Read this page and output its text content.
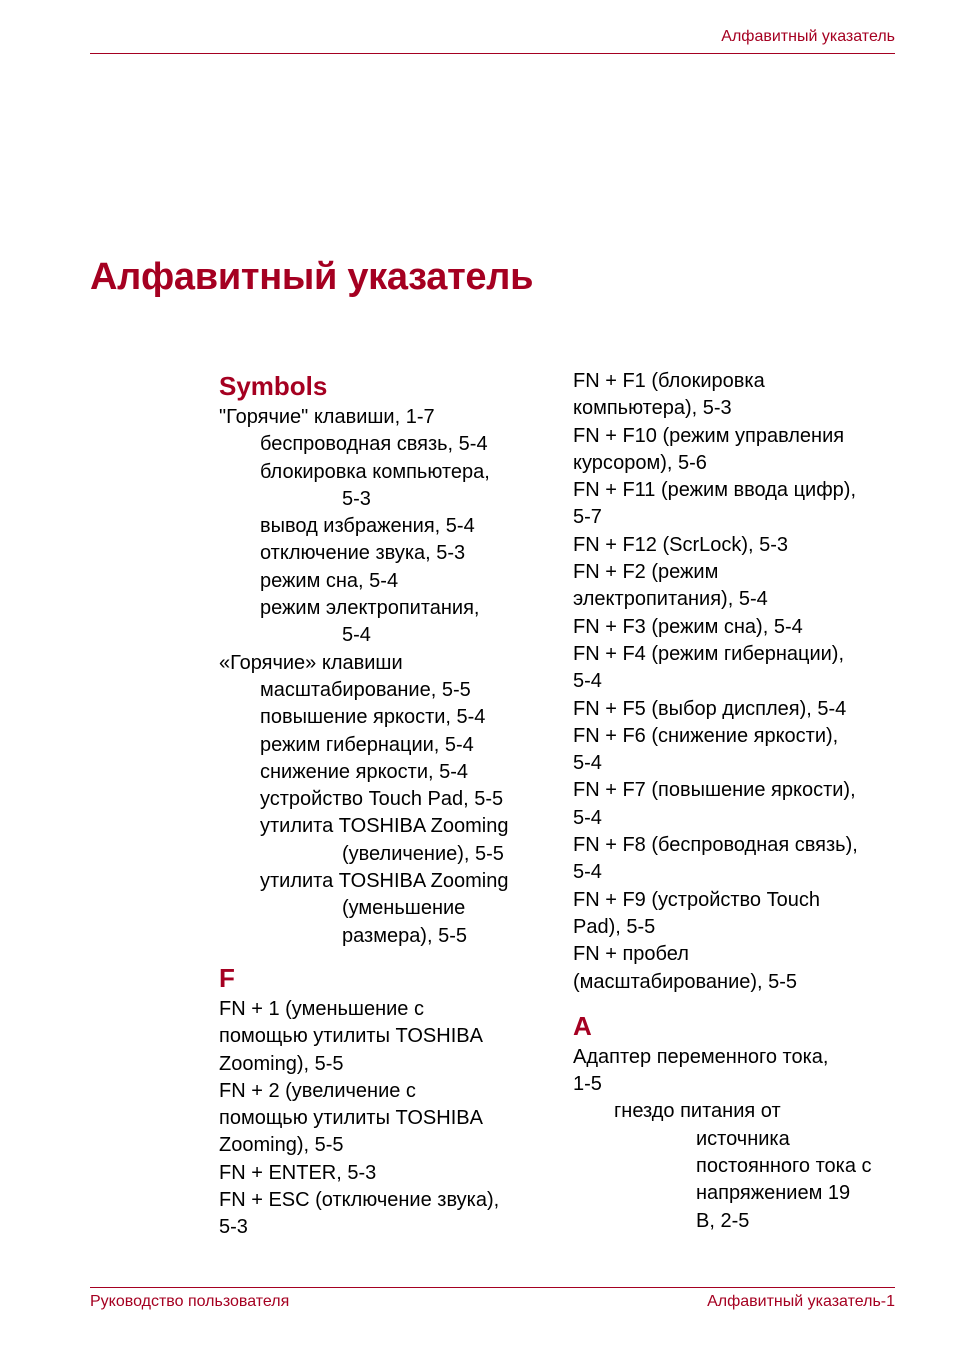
Алфавитный указатель
Алфавитный указатель
Symbols
"Горячие" клавиши, 1-7
беспроводная связь, 5-4
блокировка компьютера,
5-3
вывод избражения, 5-4
отключение звука, 5-3
режим сна, 5-4
режим электропитания,
5-4
«Горячие» клавиши
масштабирование, 5-5
повышение яркости, 5-4
режим гибернации, 5-4
снижение яркости, 5-4
устройство Touch Pad, 5-5
утилита TOSHIBA Zooming
(увеличение), 5-5
утилита TOSHIBA Zooming
(уменьшение
размера), 5-5
F
FN + 1 (уменьшение с
помощью утилиты TOSHIBA
Zooming), 5-5
FN + 2 (увеличение с
помощью утилиты TOSHIBA
Zooming), 5-5
FN + ENTER, 5-3
FN + ESC (отключение звука),
5-3
FN + F1 (блокировка
компьютера), 5-3
FN + F10 (режим управления
курсором), 5-6
FN + F11 (режим ввода цифр),
5-7
FN + F12 (ScrLock), 5-3
FN + F2 (режим
электропитания), 5-4
FN + F3 (режим сна), 5-4
FN + F4 (режим гибернации),
5-4
FN + F5 (выбор дисплея), 5-4
FN + F6 (снижение яркости),
5-4
FN + F7 (повышение яркости),
5-4
FN + F8 (беспроводная связь),
5-4
FN + F9 (устройство Touch
Pad), 5-5
FN + пробел
(масштабирование), 5-5
A
Адаптер переменного тока,
1-5
гнездо питания от
источника
постоянного тока с
напряжением 19
В, 2-5
Руководство пользователя	Алфавитный указатель-1
